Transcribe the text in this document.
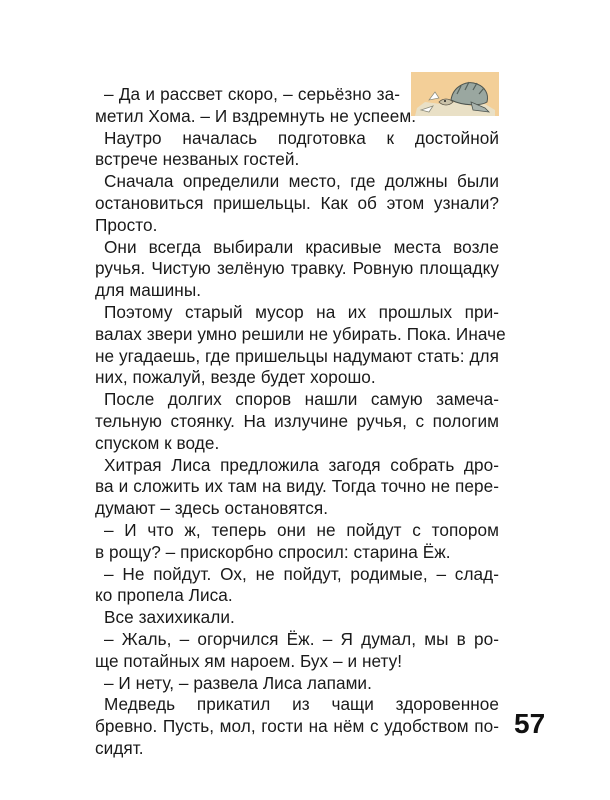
– Да и рассвет скоро, – серьёзно за-
метил Хома. – И вздремнуть не успеем.
Наутро началась подготовка к достойной
встрече незваных гостей.
Сначала определили место, где должны были
остановиться пришельцы. Как об этом узнали?
Просто.
Они всегда выбирали красивые места возле
ручья. Чистую зелёную травку. Ровную площадку
для машины.
Поэтому старый мусор на их прошлых при-
валах звери умно решили не убирать. Пока. Иначе
не угадаешь, где пришельцы надумают стать: для
них, пожалуй, везде будет хорошо.
После долгих споров нашли самую замеча-
тельную стоянку. На излучине ручья, с пологим
спуском к воде.
Хитрая Лиса предложила загодя собрать дро-
ва и сложить их там на виду. Тогда точно не пере-
думают – здесь остановятся.
– И что ж, теперь они не пойдут с топором
в рощу? – прискорбно спросил: старина Ёж.
– Не пойдут. Ох, не пойдут, родимые, – слад-
ко пропела Лиса.
Все захихикали.
– Жаль, – огорчился Ёж. – Я думал, мы в ро-
ще потайных ям нароем. Бух – и нету!
– И нету, – развела Лиса лапами.
Медведь прикатил из чащи здоровенное
бревно. Пусть, мол, гости на нём с удобством по-
сидят.
57
